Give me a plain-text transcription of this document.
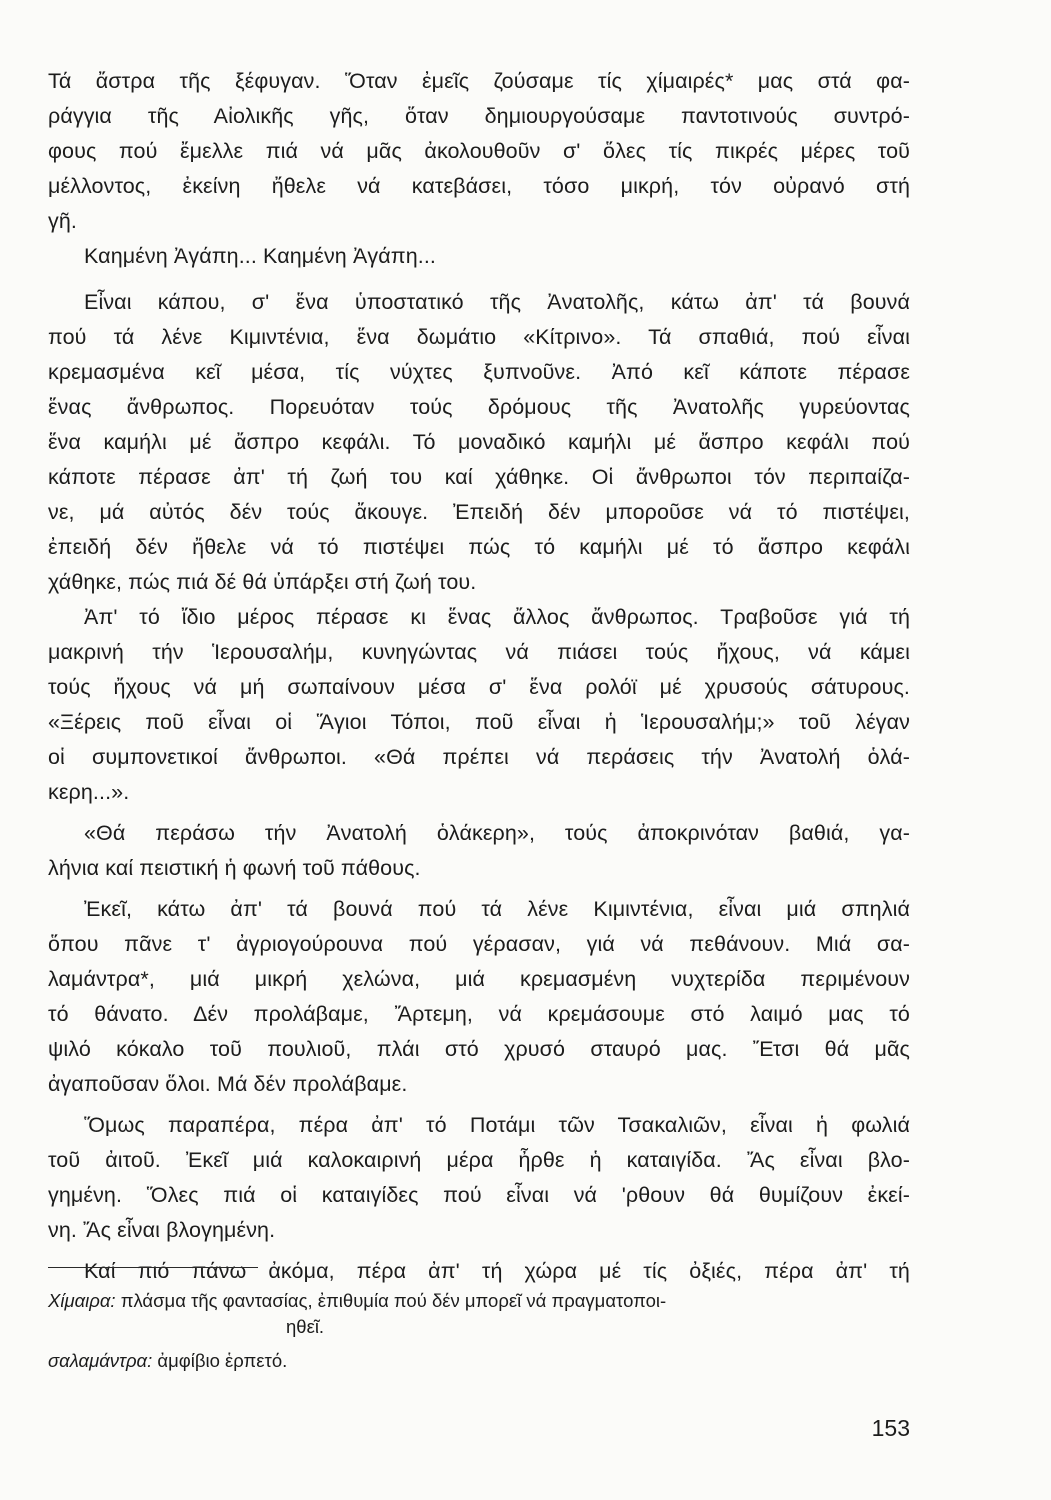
Τά ἄστρα τῆς ξέφυγαν. Ὅταν ἐμεῖς ζούσαμε τίς χίμαιρές* μας στά φα-
ράγγια τῆς Αἰολικῆς γῆς, ὅταν δημιουργούσαμε παντοτινούς συντρό-
φους πού ἔμελλε πιά νά μᾶς ἀκολουθοῦν σ' ὅλες τίς πικρές μέρες τοῦ
μέλλοντος, ἐκείνη ἤθελε νά κατεβάσει, τόσο μικρή, τόν οὐρανό στή
γῆ.
Καημένη Ἀγάπη... Καημένη Ἀγάπη...
Εἶναι κάπου, σ' ἕνα ὑποστατικό τῆς Ἀνατολῆς, κάτω ἀπ' τά βουνά
πού τά λένε Κιμιντένια, ἕνα δωμάτιο «Κίτρινο». Τά σπαθιά, πού εἶναι
κρεμασμένα κεῖ μέσα, τίς νύχτες ξυπνοῦνε. Ἀπό κεῖ κάποτε πέρασε
ἕνας ἄνθρωπος. Πορευόταν τούς δρόμους τῆς Ἀνατολῆς γυρεύοντας
ἕνα καμήλι μέ ἄσπρο κεφάλι. Τό μοναδικό καμήλι μέ ἄσπρο κεφάλι πού
κάποτε πέρασε ἀπ' τή ζωή του καί χάθηκε. Οἱ ἄνθρωποι τόν περιπαίζα-
νε, μά αὐτός δέν τούς ἄκουγε. Ἐπειδή δέν μποροῦσε νά τό πιστέψει,
ἐπειδή δέν ἤθελε νά τό πιστέψει πώς τό καμήλι μέ τό ἄσπρο κεφάλι
χάθηκε, πώς πιά δέ θά ὑπάρξει στή ζωή του.
Ἀπ' τό ἴδιο μέρος πέρασε κι ἕνας ἄλλος ἄνθρωπος. Τραβοῦσε γιά τή
μακρινή τήν Ἱερουσαλήμ, κυνηγώντας νά πιάσει τούς ἤχους, νά κάμει
τούς ἤχους νά μή σωπαίνουν μέσα σ' ἕνα ρολόϊ μέ χρυσούς σάτυρους.
«Ξέρεις ποῦ εἶναι οἱ Ἅγιοι Τόποι, ποῦ εἶναι ἡ Ἱερουσαλήμ;» τοῦ λέγαν
οἱ συμπονετικοί ἄνθρωποι. «Θά πρέπει νά περάσεις τήν Ἀνατολή ὁλά-
κερη...».
«Θά περάσω τήν Ἀνατολή ὁλάκερη», τούς ἀποκρινόταν βαθιά, γα-
λήνια καί πειστική ἡ φωνή τοῦ πάθους.
Ἐκεῖ, κάτω ἀπ' τά βουνά πού τά λένε Κιμιντένια, εἶναι μιά σπηλιά
ὅπου πᾶνε τ' ἀγριογούρουνα πού γέρασαν, γιά νά πεθάνουν. Μιά σα-
λαμάντρα*, μιά μικρή χελώνα, μιά κρεμασμένη νυχτερίδα περιμένουν
τό θάνατο. Δέν προλάβαμε, Ἄρτεμη, νά κρεμάσουμε στό λαιμό μας τό
ψιλό κόκαλο τοῦ πουλιοῦ, πλάι στό χρυσό σταυρό μας. Ἔτσι θά μᾶς
ἀγαποῦσαν ὅλοι. Μά δέν προλάβαμε.
Ὅμως παραπέρα, πέρα ἀπ' τό Ποτάμι τῶν Τσακαλιῶν, εἶναι ἡ φωλιά
τοῦ ἀιτοῦ. Ἐκεῖ μιά καλοκαιρινή μέρα ἦρθε ἡ καταιγίδα. Ἄς εἶναι βλο-
γημένη. Ὅλες πιά οἱ καταιγίδες πού εἶναι νά 'ρθουν θά θυμίζουν ἐκεί-
νη. Ἄς εἶναι βλογημένη.
Καί πιό πάνω ἀκόμα, πέρα ἀπ' τή χώρα μέ τίς ὀξιές, πέρα ἀπ' τή
Χίμαιρα: πλάσμα τῆς φαντασίας, ἐπιθυμία πού δέν μπορεῖ νά πραγματοποι-
ηθεῖ.
σαλαμάντρα: ἀμφίβιο ἑρπετό.
153
